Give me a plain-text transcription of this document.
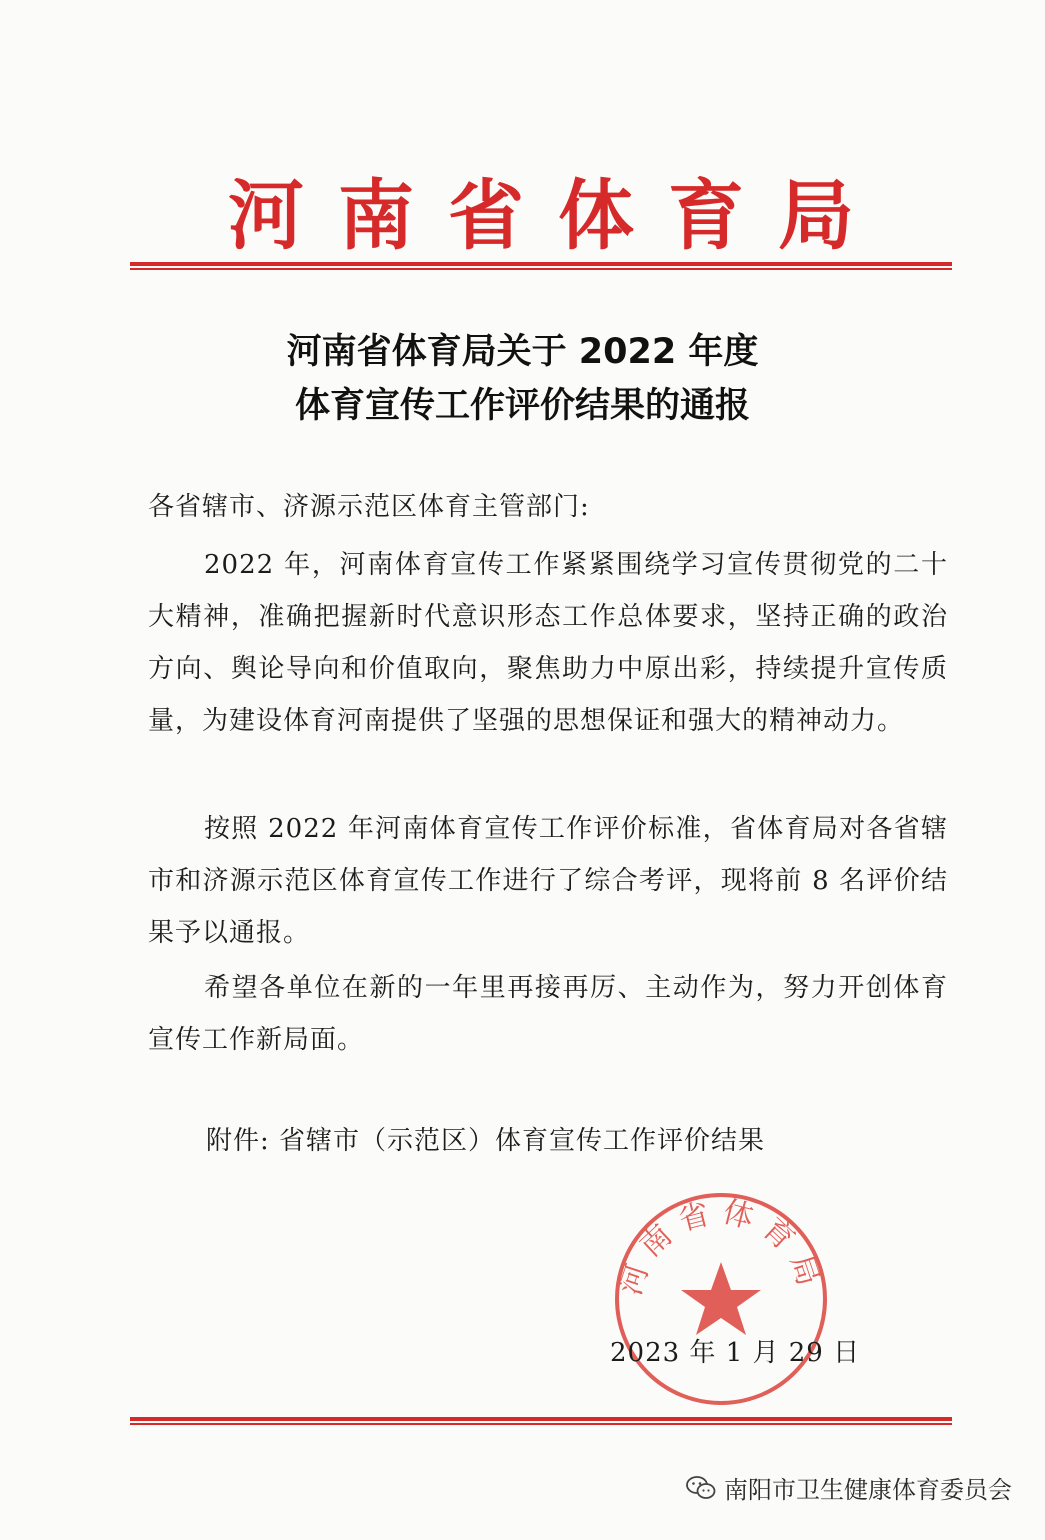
河南省体育局
河南省体育局关于 2022 年度
体育宣传工作评价结果的通报
各省辖市、济源示范区体育主管部门:
2022 年，河南体育宣传工作紧紧围绕学习宣传贯彻党的二十大精神，准确把握新时代意识形态工作总体要求，坚持正确的政治方向、舆论导向和价值取向，聚焦助力中原出彩，持续提升宣传质量，为建设体育河南提供了坚强的思想保证和强大的精神动力。
按照 2022 年河南体育宣传工作评价标准，省体育局对各省辖市和济源示范区体育宣传工作进行了综合考评，现将前 8 名评价结果予以通报。
希望各单位在新的一年里再接再厉、主动作为，努力开创体育宣传工作新局面。
附件: 省辖市（示范区）体育宣传工作评价结果
河南省体育局
2023 年 1 月 29 日
南阳市卫生健康体育委员会
